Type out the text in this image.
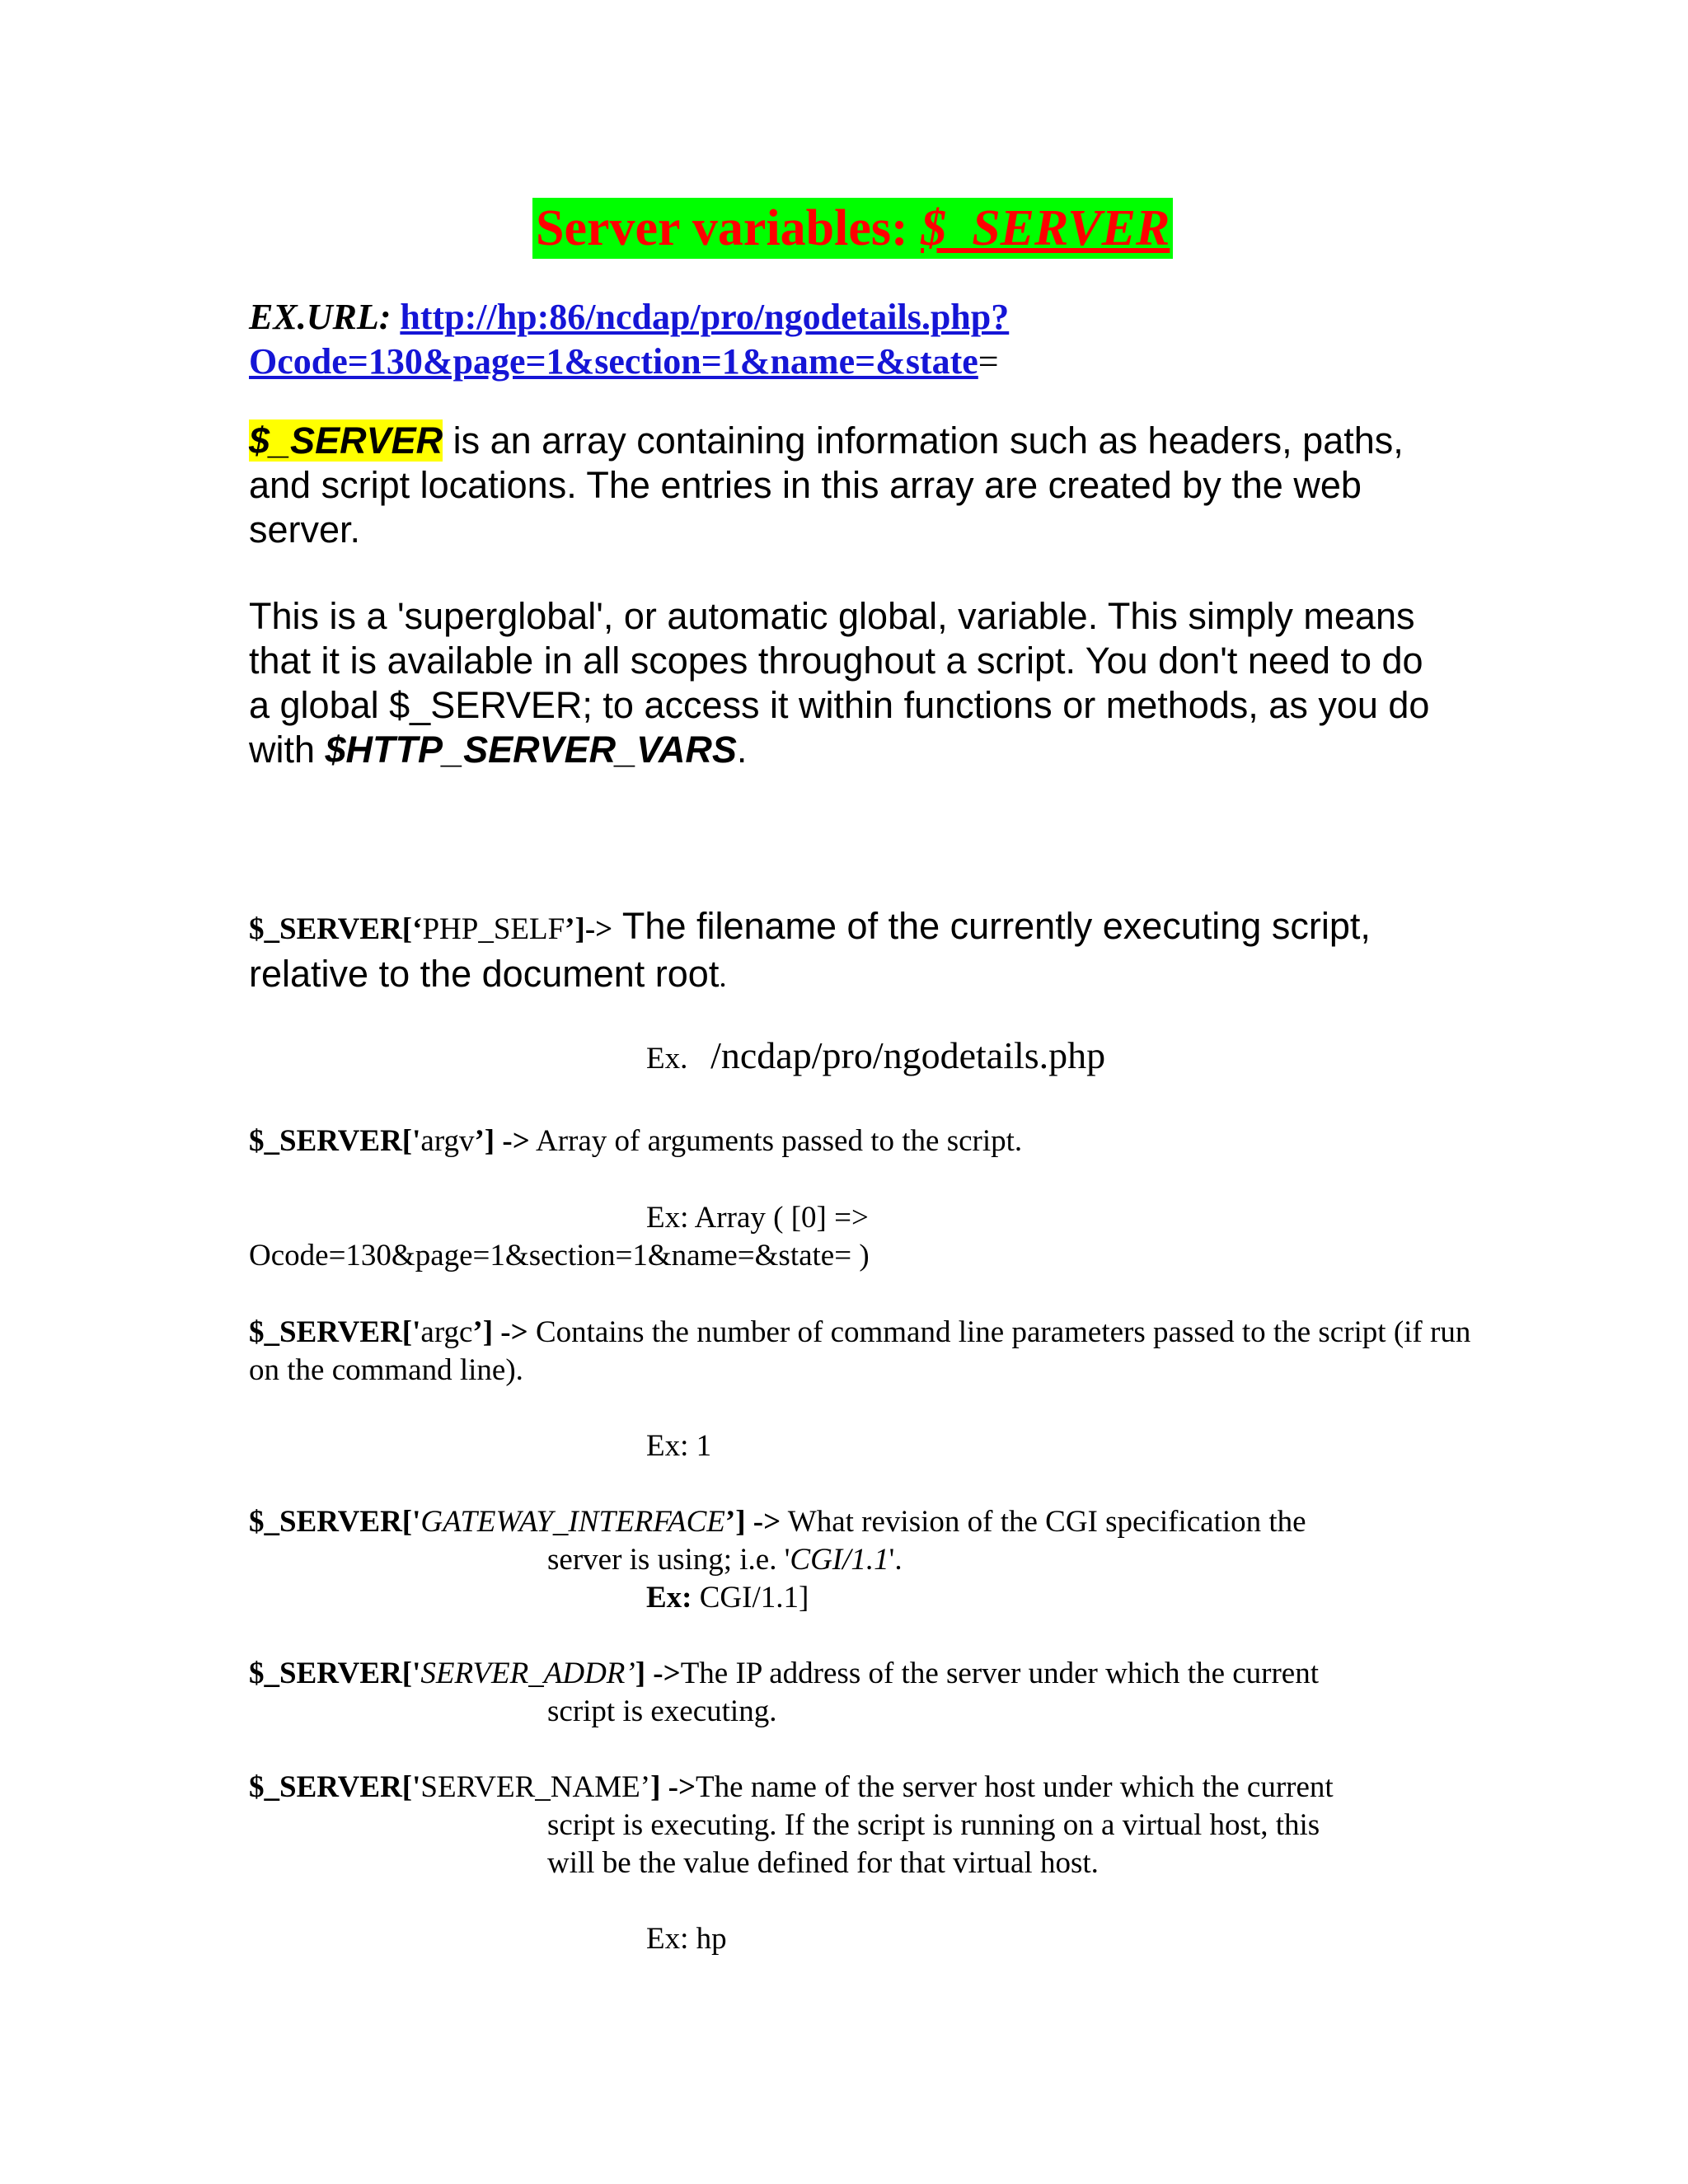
Server variables: $_SERVER
EX.URL: http://hp:86/ncdap/pro/ngodetails.php?
Ocode=130&page=1&section=1&name=&state=
$_SERVER is an array containing information such as headers, paths, and script locations. The entries in this array are created by the web server.
This is a 'superglobal', or automatic global, variable. This simply means that it is available in all scopes throughout a script. You don't need to do a global $_SERVER; to access it within functions or methods, as you do with $HTTP_SERVER_VARS.
$_SERVER[‘PHP_SELF’]-> The filename of the currently executing script, relative to the document root.
Ex. /ncdap/pro/ngodetails.php
$_SERVER['argv’] -> Array of arguments passed to the script.
Ex: Array ( [0] =>
Ocode=130&page=1&section=1&name=&state= )
$_SERVER['argc’] -> Contains the number of command line parameters passed to the script (if run on the command line).
Ex: 1
$_SERVER['GATEWAY_INTERFACE’] -> What revision of the CGI specification the
server is using; i.e. 'CGI/1.1'.
Ex: CGI/1.1]
$_SERVER['SERVER_ADDR’] ->The IP address of the server under which the current
script is executing.
$_SERVER['SERVER_NAME’] ->The name of the server host under which the current
script is executing. If the script is running on a virtual host, this
will be the value defined for that virtual host.
Ex: hp
